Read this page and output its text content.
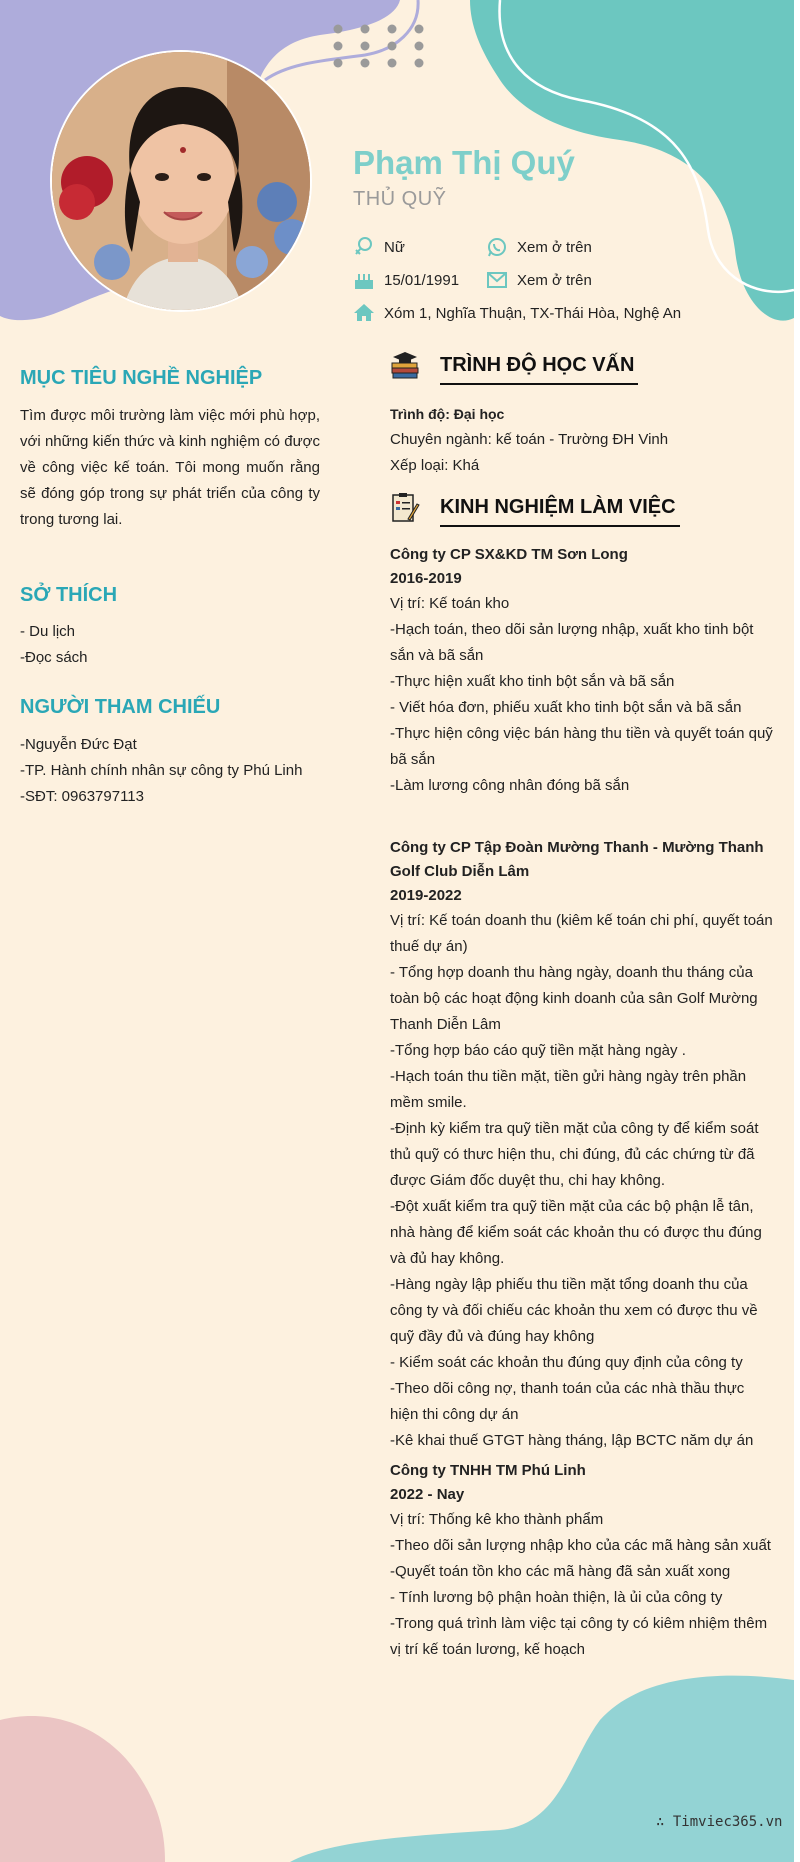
Phạm Thị Quý
THỦ QUỸ
Nữ	Xem ở trên
15/01/1991	Xem ở trên
Xóm 1, Nghĩa Thuận, TX-Thái Hòa, Nghệ An
MỤC TIÊU NGHỀ NGHIỆP
Tìm được môi trường làm việc mới phù hợp, với những kiến thức và kinh nghiệm có được về công việc kế toán. Tôi mong muốn rằng sẽ đóng góp trong sự phát triển của công ty trong tương lai.
SỞ THÍCH
- Du lịch
-Đọc sách
NGƯỜI THAM CHIẾU
-Nguyễn Đức Đạt
-TP. Hành chính nhân sự công ty Phú Linh
-SĐT: 0963797113
TRÌNH ĐỘ HỌC VẤN
Trình độ: Đại học
Chuyên ngành: kế toán - Trường ĐH Vinh
Xếp loại: Khá
KINH NGHIỆM LÀM VIỆC
Công ty CP SX&KD TM Sơn Long
2016-2019
Vị trí: Kế toán kho
-Hạch toán, theo dõi sản lượng nhập, xuất kho tinh bột sắn và bã sắn
-Thực hiện xuất kho tinh bột sắn và bã sắn
- Viết hóa đơn, phiếu xuất kho tinh bột sắn và bã sắn
-Thực hiện công việc bán hàng thu tiền và quyết toán quỹ bã sắn
-Làm lương công nhân đóng bã sắn
Công ty CP Tập Đoàn Mường Thanh - Mường Thanh Golf Club Diễn Lâm
2019-2022
Vị trí: Kế toán doanh thu (kiêm kế toán chi phí, quyết toán thuế dự án)
- Tổng hợp doanh thu hàng ngày, doanh thu tháng của toàn bộ các hoạt động kinh doanh của sân Golf Mường Thanh Diễn Lâm
-Tổng hợp báo cáo quỹ tiền mặt hàng ngày .
-Hạch toán thu tiền mặt, tiền gửi hàng ngày trên phần mềm smile.
-Định kỳ kiểm tra quỹ tiền mặt của công ty để kiểm soát thủ quỹ có thưc hiện thu, chi đúng, đủ các chứng từ đã được Giám đốc duyệt thu, chi hay không.
-Đột xuất kiểm tra quỹ tiền mặt của các bộ phận lễ tân, nhà hàng để kiểm soát các khoản thu có được thu đúng và đủ hay không.
-Hàng ngày lập phiếu thu tiền mặt tổng doanh thu của công ty và đối chiếu các khoản thu xem có được thu về quỹ đầy đủ và đúng hay không
- Kiểm soát các khoản thu đúng quy định của công ty
-Theo dõi công nợ, thanh toán của các nhà thầu thực hiện thi công dự án
-Kê khai thuế GTGT hàng tháng, lập BCTC năm dự án
Công ty TNHH TM Phú Linh
2022 - Nay
Vị trí: Thống kê kho thành phẩm
-Theo dõi sản lượng nhập kho của các mã hàng sản xuất
-Quyết toán tồn kho các mã hàng đã sản xuất xong
- Tính lương bộ phận hoàn thiện, là ủi của công ty
-Trong quá trình làm việc tại công ty có kiêm nhiệm thêm vị trí kế toán lương, kế hoạch
∴ Timviec365.vn
